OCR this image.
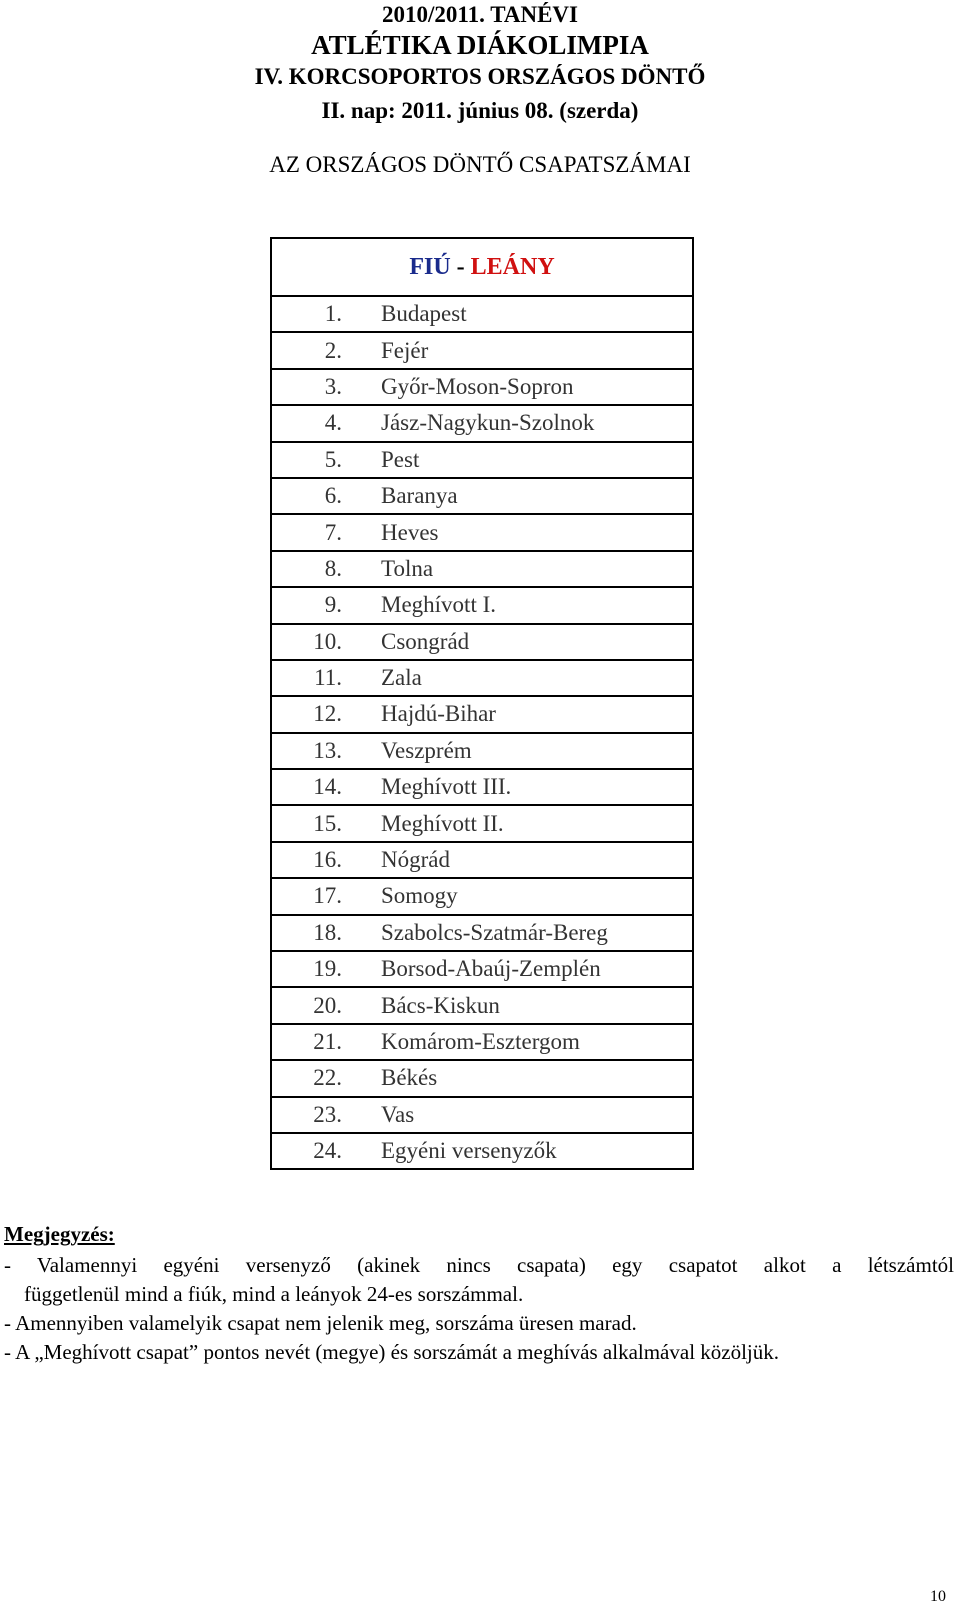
2010/2011. TANÉVI
ATLÉTIKA DIÁKOLIMPIA
IV. KORCSOPORTOS ORSZÁGOS DÖNTŐ
II. nap: 2011. június 08. (szerda)
AZ ORSZÁGOS DÖNTŐ CSAPATSZÁMAI
FIÚ - LEÁNY
1. Budapest
2. Fejér
3. Győr-Moson-Sopron
4. Jász-Nagykun-Szolnok
5. Pest
6. Baranya
7. Heves
8. Tolna
9. Meghívott I.
10. Csongrád
11. Zala
12. Hajdú-Bihar
13. Veszprém
14. Meghívott III.
15. Meghívott II.
16. Nógrád
17. Somogy
18. Szabolcs-Szatmár-Bereg
19. Borsod-Abaúj-Zemplén
20. Bács-Kiskun
21. Komárom-Esztergom
22. Békés
23. Vas
24. Egyéni versenyzők
Megjegyzés:
- Valamennyi egyéni versenyző (akinek nincs csapata) egy csapatot alkot a létszámtól
függetlenül mind a fiúk, mind a leányok 24-es sorszámmal.
- Amennyiben valamelyik csapat nem jelenik meg, sorszáma üresen marad.
- A „Meghívott csapat” pontos nevét (megye) és sorszámát a meghívás alkalmával közöljük.
10
